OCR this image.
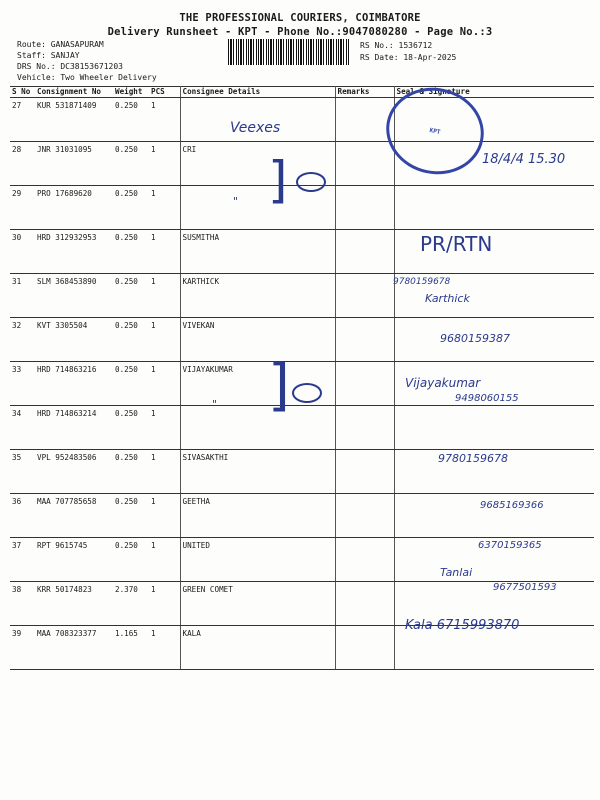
THE PROFESSIONAL COURIERS, COIMBATORE
Delivery Runsheet - KPT - Phone No.:9047080280 - Page No.:3
Route: GANASAPURAM
Staff: SANJAY
DRS No.: DC3815367120З
Vehicle: Two Wheeler Delivery
RS No.: 1536712
RS Date: 18-Apr-2025
S No	Consignment No	Weight	PCS	Consignee Details	Remarks	Seal & Signature
27	KUR 531871409	0.250	1			
28	JNR 31031095	0.250	1	CRI		
29	PRO 17689620	0.250	1			
30	HRD 312932953	0.250	1	SUSMITHA		
31	SLM 368453890	0.250	1	KARTHICK		
32	KVT 3305504	0.250	1	VIVEKAN		
33	HRD 714863216	0.250	1	VIJAYAKUMAR		
34	HRD 714863214	0.250	1			
35	VPL 952483506	0.250	1	SIVASAKTHI		
36	MAA 707785658	0.250	1	GEETHA		
37	RPT 9615745	0.250	1	UNITED		
38	KRR 50174823	2.370	1	GREEN COMET		
39	MAA 708323377	1.165	1	KALA		
KPT
Veexes
18/4/4 15.30
" ]
PR/RTN
9780159678
Karthick
9680159387
Vijayakumar
9498060155
]
"
9780159678
9685169366
6370159365
Tanlai
9677501593
Kala 6715993870
